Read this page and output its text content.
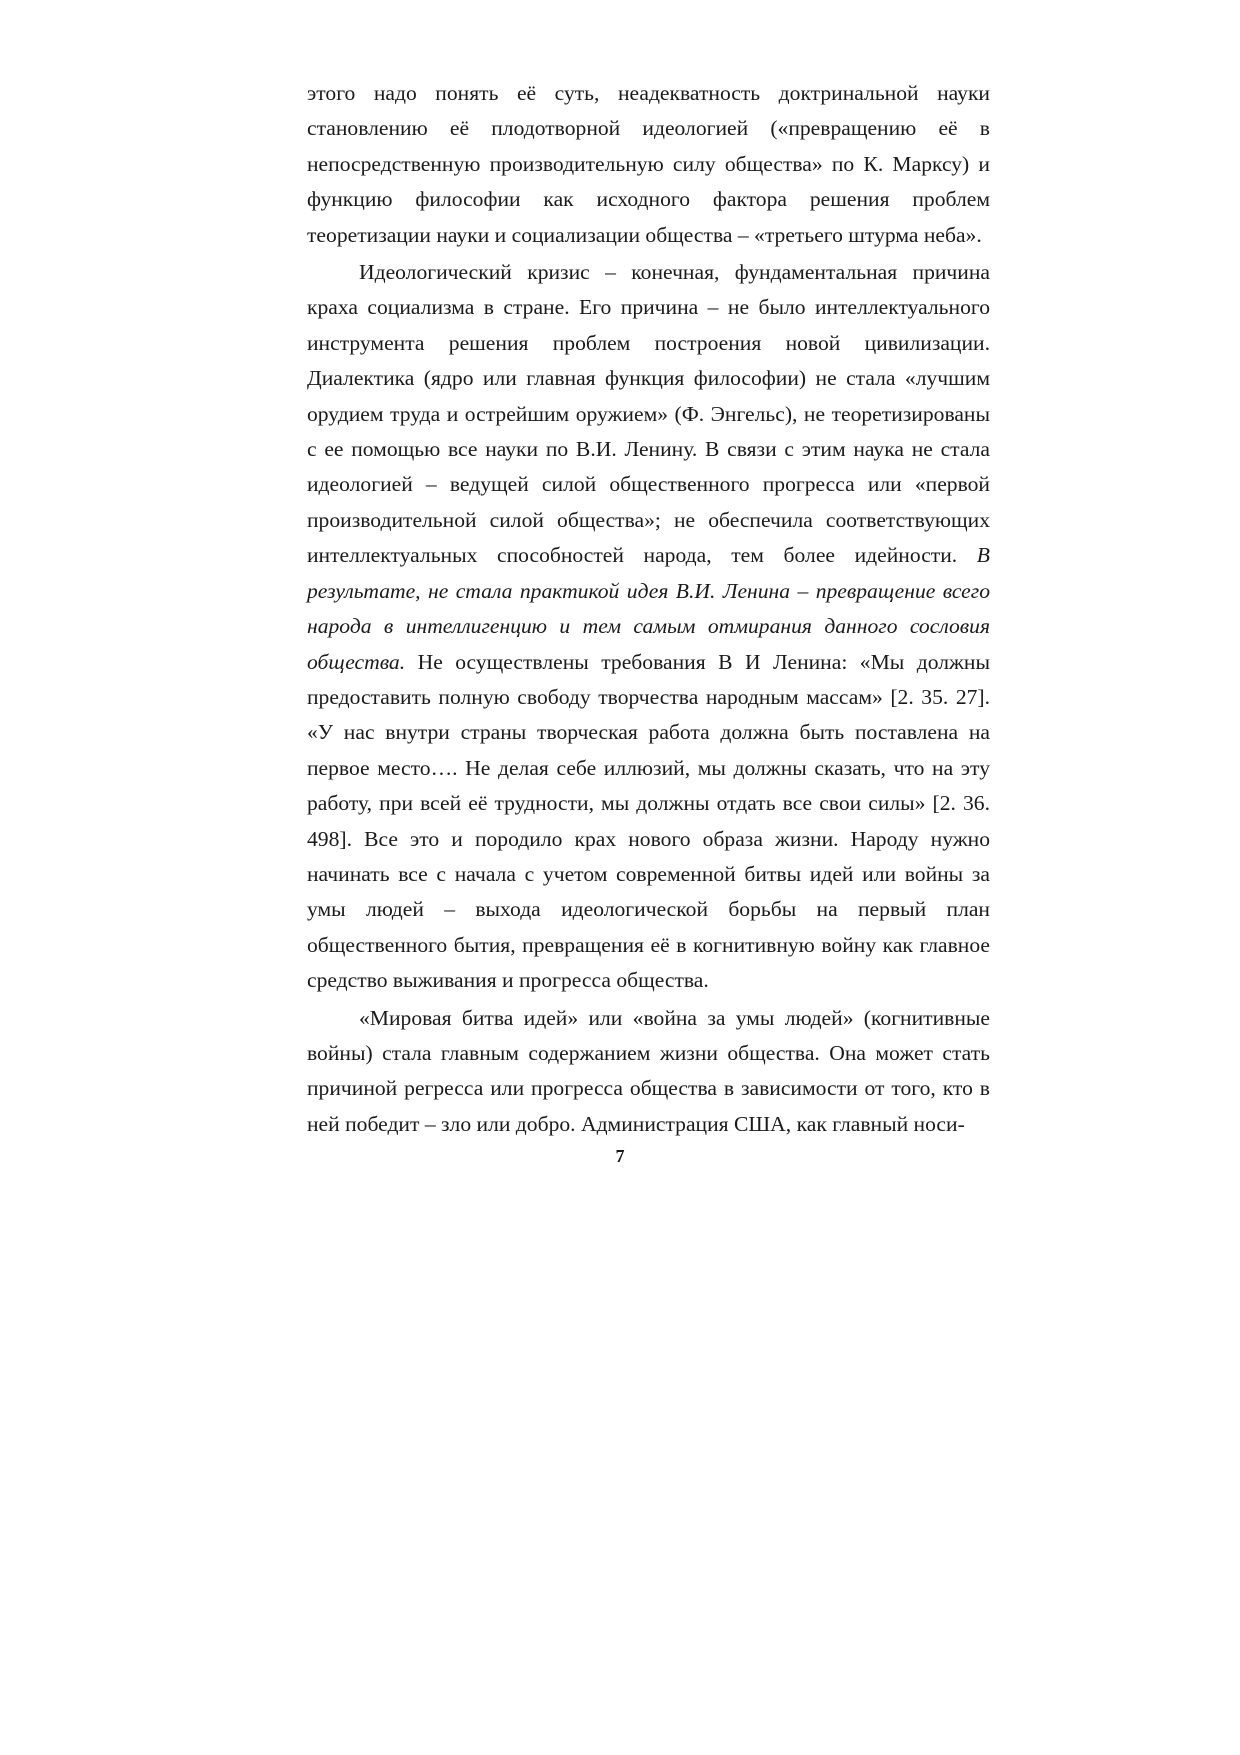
этого надо понять её суть, неадекватность доктринальной науки становлению её плодотворной идеологией («превращению её в непосредственную производительную силу общества» по К. Марксу) и функцию философии как исходного фактора решения проблем теоретизации науки и социализации общества – «третьего штурма неба».

Идеологический кризис – конечная, фундаментальная причина краха социализма в стране. Его причина – не было интеллектуального инструмента решения проблем построения новой цивилизации. Диалектика (ядро или главная функция философии) не стала «лучшим орудием труда и острейшим оружием» (Ф. Энгельс), не теоретизированы с ее помощью все науки по В.И. Ленину. В связи с этим наука не стала идеологией – ведущей силой общественного прогресса или «первой производительной силой общества»; не обеспечила соответствующих интеллектуальных способностей народа, тем более идейности. В результате, не стала практикой идея В.И. Ленина – превращение всего народа в интеллигенцию и тем самым отмирания данного сословия общества. Не осуществлены требования В И Ленина: «Мы должны предоставить полную свободу творчества народным массам» [2. 35. 27]. «У нас внутри страны творческая работа должна быть поставлена на первое место…. Не делая себе иллюзий, мы должны сказать, что на эту работу, при всей её трудности, мы должны отдать все свои силы» [2. 36. 498]. Все это и породило крах нового образа жизни. Народу нужно начинать все с начала с учетом современной битвы идей или войны за умы людей – выхода идеологической борьбы на первый план общественного бытия, превращения её в когнитивную войну как главное средство выживания и прогресса общества.

«Мировая битва идей» или «война за умы людей» (когнитивные войны) стала главным содержанием жизни общества. Она может стать причиной регресса или прогресса общества в зависимости от того, кто в ней победит – зло или добро. Администрация США, как главный носи-

7
